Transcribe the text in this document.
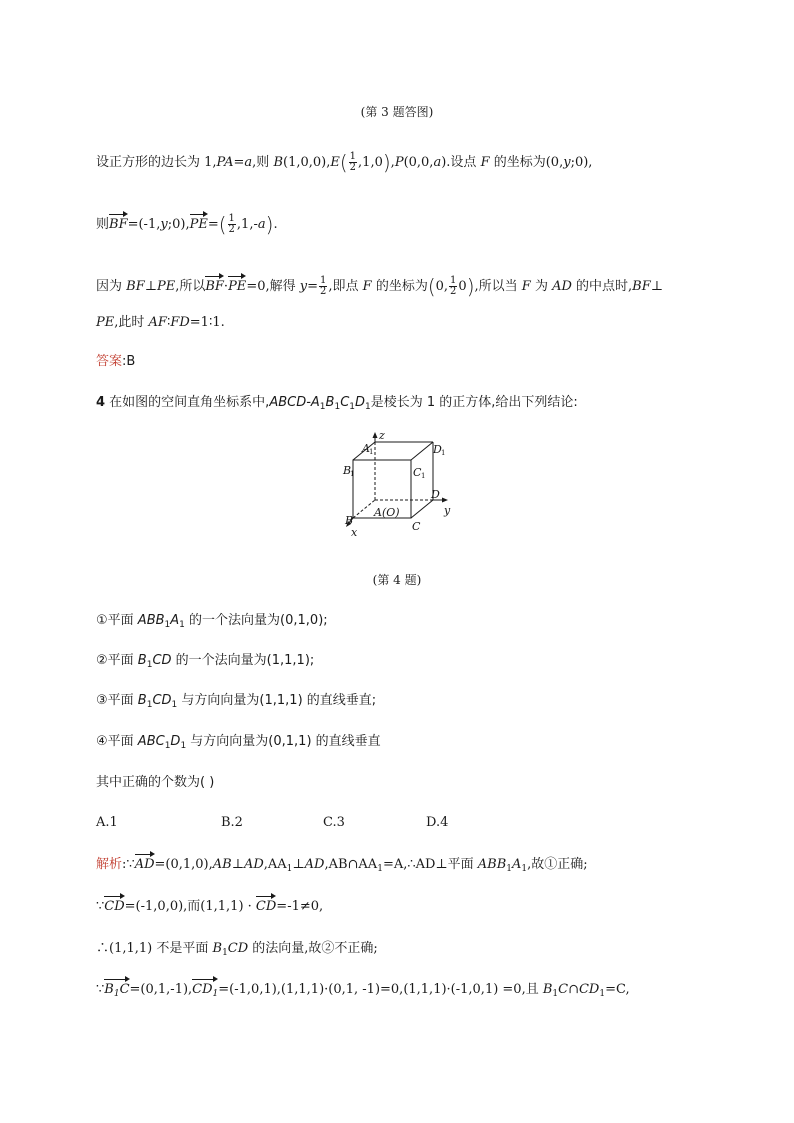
(第 3 题答图)
设正方形的边长为 1,PA=a,则 $B(1,0,0),E( \frac{1}{2} ,1,0),P(0,0,a)$.设点 F 的坐标为(0,y;0),
则BF=(-1,y;0),PE=( $\frac{1}{2} ,1,-a$).
因为 BF⊥PE,所以BF·PE=0,解得 $y= \frac{1}{2}$ ,即点 F 的坐标为(0, $\frac{1}{2} 0$),所以当 F 为 AD 的中点时,BF⊥
PE,此时 AF∶FD=1∶1.
答案:B
4 在如图的空间直角坐标系中$,ABCD-A_1B_1C_1D_1$是棱长为 1 的正方体,给出下列结论:
z
y
x
A	D
B	C
D
A(O)
B	C
1	1
1	1
(第 4 题)
①平面 $ABB_1A_1$ 的一个法向量为(0,1,0);
②平面 $B_1CD$ 的一个法向量为(1,1,1);
③平面 $B_1CD_1$ 与方向向量为(1,1,1) 的直线垂直;
④平面 $ABC_1D_1$ 与方向向量为(0,1,1) 的直线垂直
其中正确的个数为( )
A.1	B.2	C.3	D.4
解析$:\because AD=(0,1,0),AB\perp AD,AA_1\perp AD,AB\cap AA_1=A,\therefore AD\perp$平面 $ABB_1A_1$,故①正确;
∵CD=(-1,0,0),而(1,1,1) · CD=-1≠0,
∴(1,1,1) 不是平面 $B_1CD$ 的法向量,故②不正确;
$\because B_1C=(0,1,-1),CD_1=(-1,0,1),(1,1,1)\cdot(0,1$, -1)=0,(1,1,1)·(-1,0,1) =0,且 $B_1C\cap CD_1=C$,
